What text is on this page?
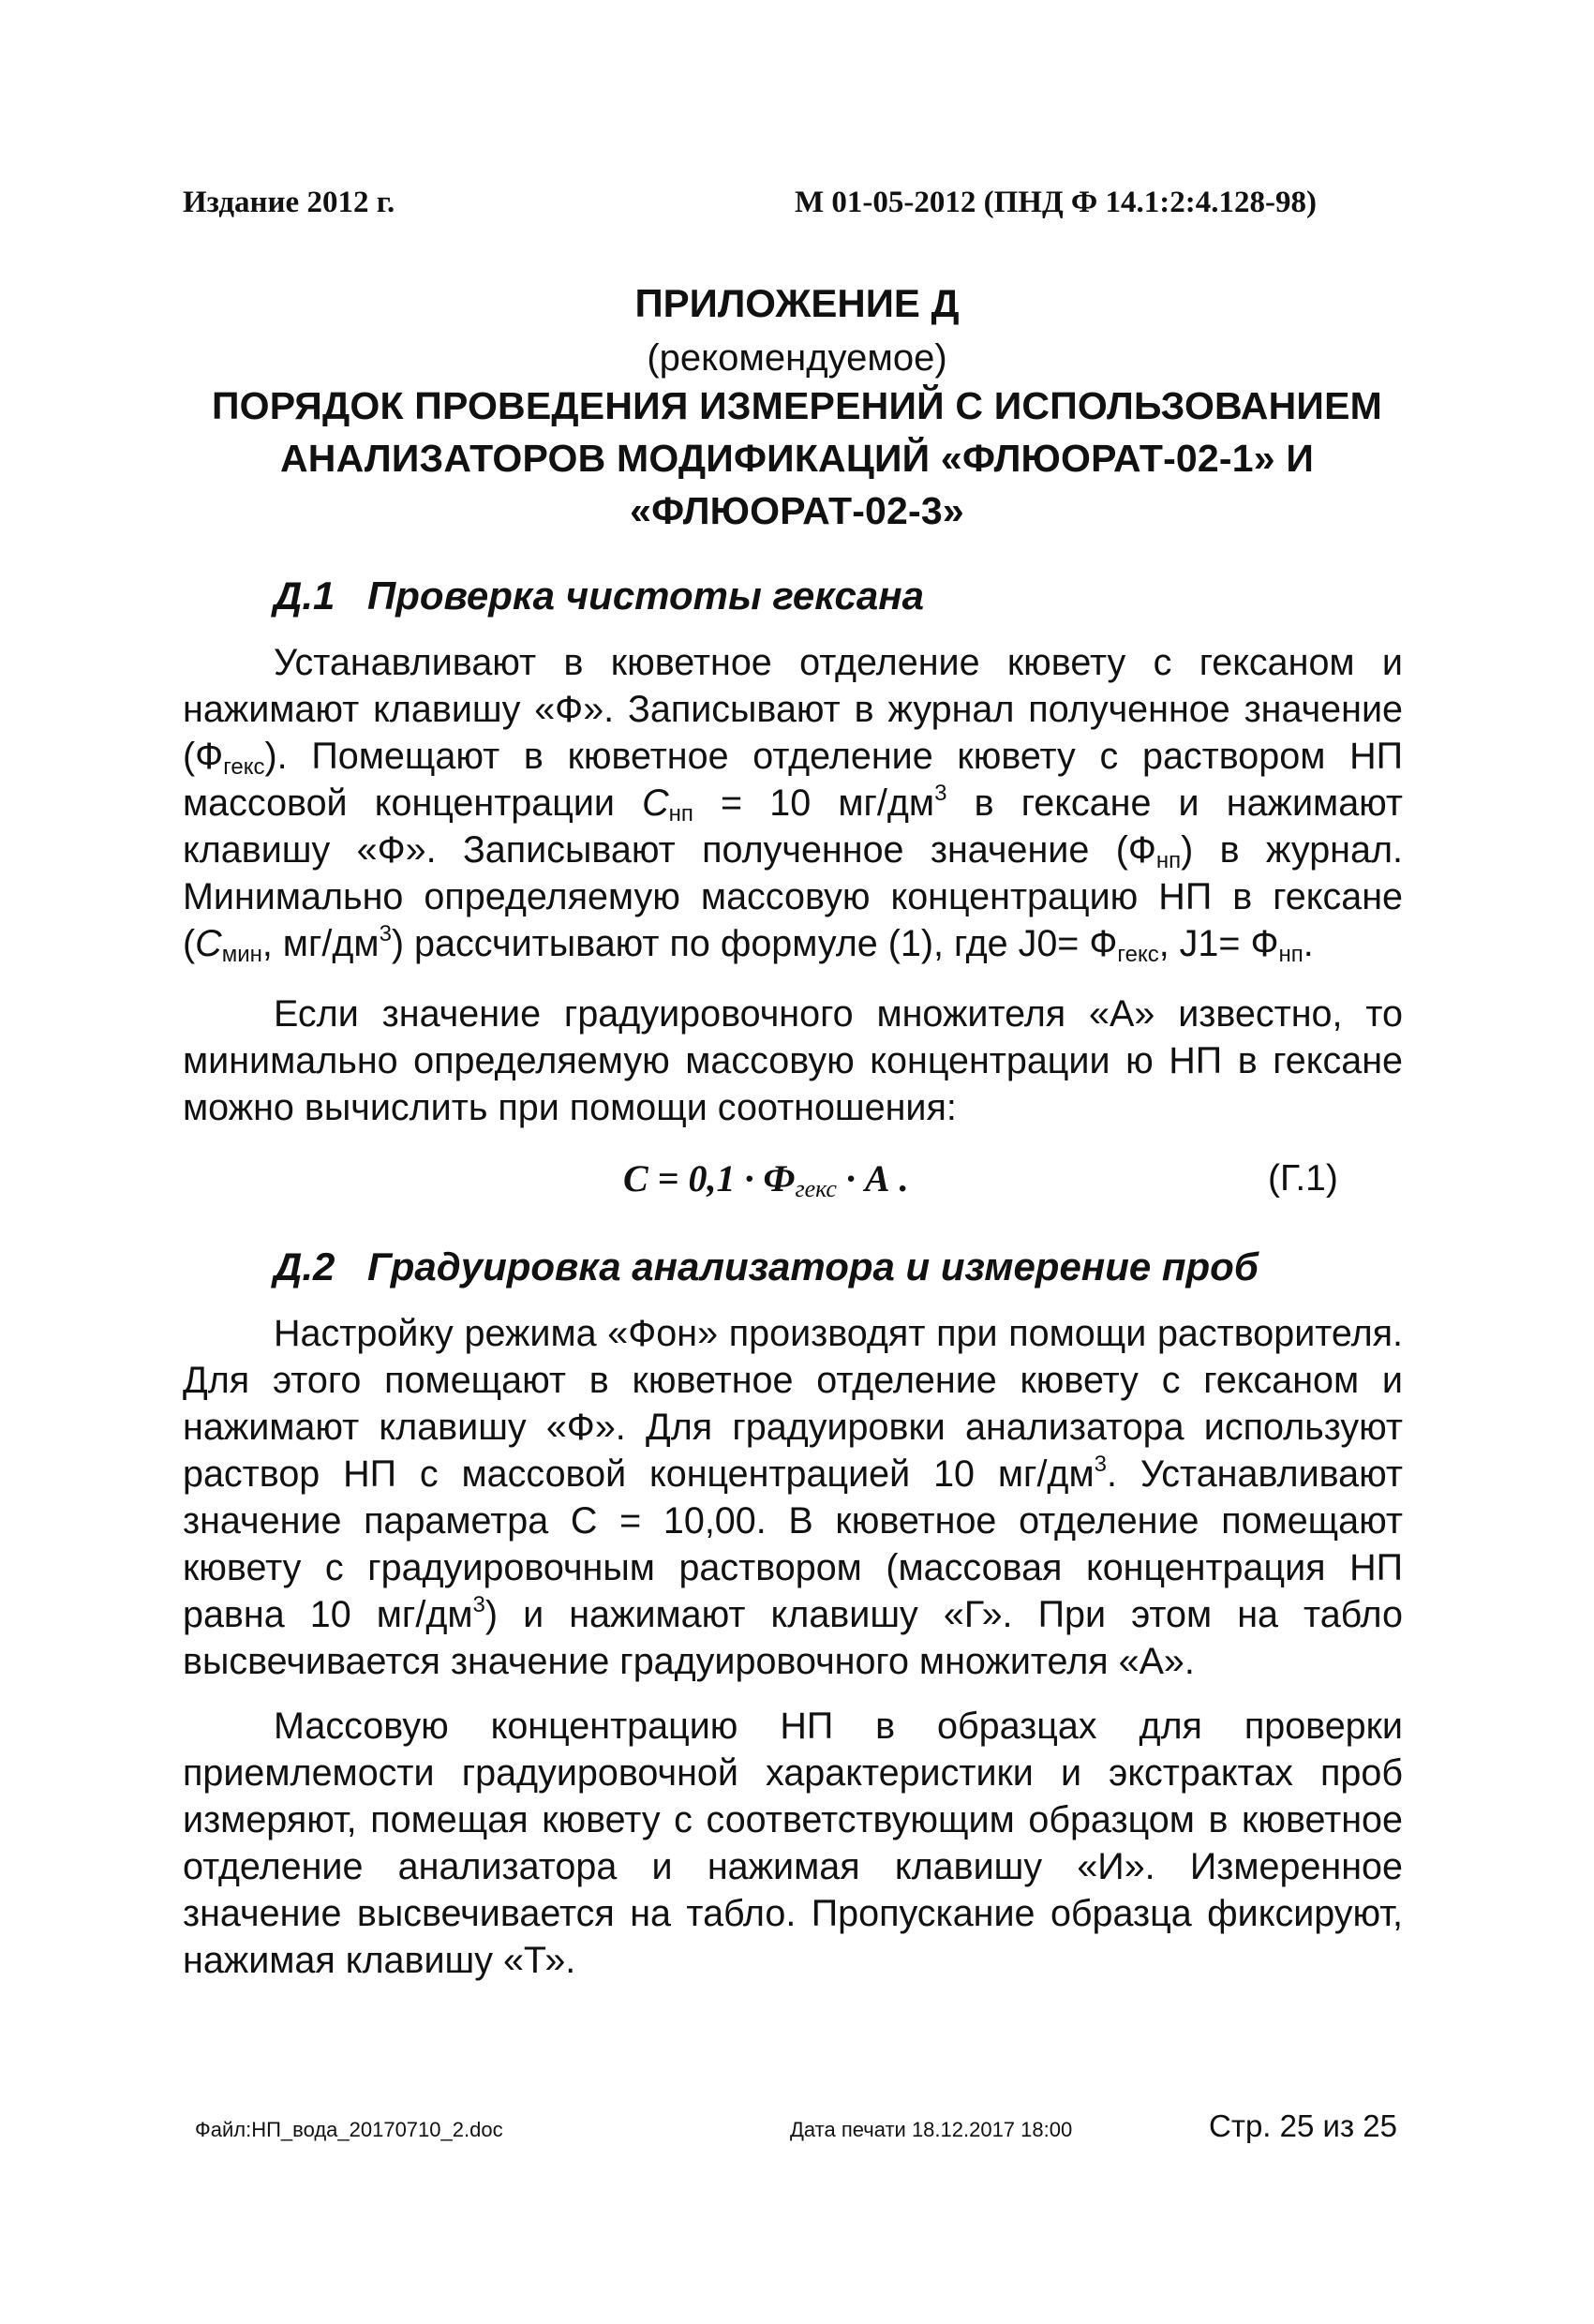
Издание 2012 г.	М 01-05-2012 (ПНД Ф 14.1:2:4.128-98)
ПРИЛОЖЕНИЕ Д
(рекомендуемое)
ПОРЯДОК ПРОВЕДЕНИЯ ИЗМЕРЕНИЙ С ИСПОЛЬЗОВАНИЕМ
АНАЛИЗАТОРОВ МОДИФИКАЦИЙ «ФЛЮОРАТ-02-1» И
«ФЛЮОРАТ-02-3»
Д.1 Проверка чистоты гексана

Устанавливают в кюветное отделение кювету с гексаном и нажимают клавишу «Ф». Записывают в журнал полученное значение $(Ф_{гекс})$. Помещают в кюветное отделение кювету с раствором НП массовой концентрации $С_{нп} = 10$ $мг/дм^3$ в гексане и нажимают клавишу «Ф». Записывают полученное значение $(Ф_{нп})$ в журнал. Минимально определяемую массовую концентрацию НП в гексане ($С_{мин}$, $мг/дм^3$) рассчитывают по формуле (1), где $J0= Ф_{гекс}$, $J1= Ф_{нп}$.

Если значение градуировочного множителя «А» известно, то минимально определяемую массовую концентрации ю НП в гексане можно вычислить при помощи соотношения:

$C = 0,1 \cdot Ф_{гекс} \cdot А$ .	(Г.1)
Д.2 Градуировка анализатора и измерение проб

Настройку режима «Фон» производят при помощи растворителя. Для этого помещают в кюветное отделение кювету с гексаном и нажимают клавишу «Ф». Для градуировки анализатора используют раствор НП с массовой концентрацией 10 $мг/дм^3$. Устанавливают значение параметра С = 10,00. В кюветное отделение помещают кювету с градуировочным раствором (массовая концентрация НП равна 10 $мг/дм^3$) и нажимают клавишу «Г». При этом на табло высвечивается значение градуировочного множителя «А».

Массовую концентрацию НП в образцах для проверки приемлемости градуировочной характеристики и экстрактах проб измеряют, помещая кювету с соответствующим образцом в кюветное отделение анализатора и нажимая клавишу «И». Измеренное значение высвечивается на табло. Пропускание образца фиксируют, нажимая клавишу «Т».

Файл:НП_вода_20170710_2.doc	Дата печати 18.12.2017 18:00	Стр. 25 из 25
